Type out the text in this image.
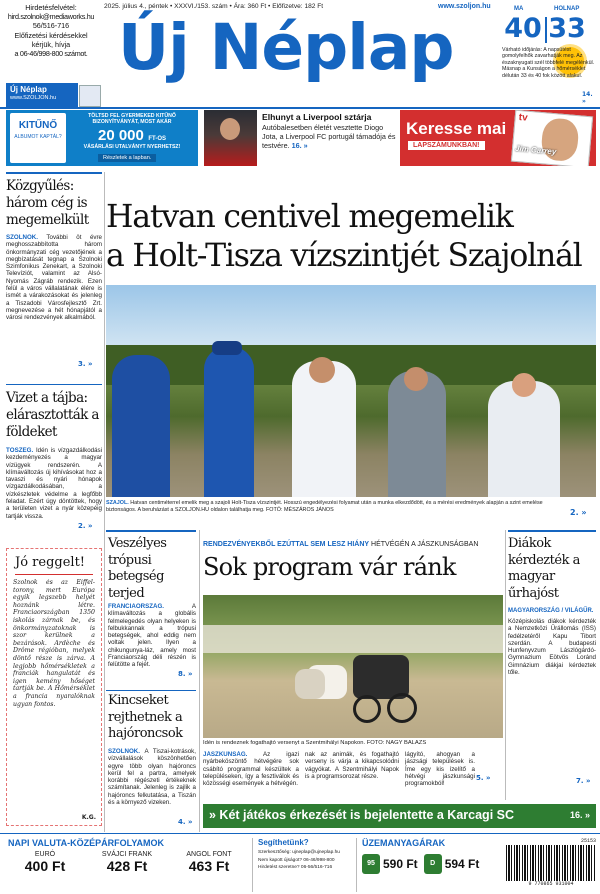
Hirdetésfelvétel:
hird.szolnok@mediaworks.hu
56/516-716
Előfizetési kérdésekkel kérjük, hívja
a 06-46/998-800 számot.
Új Néplap
www.SZOLJON.hu
2025. július 4., péntek • XXXVI./153. szám • Ára: 360 Ft • Előfizetve: 182 Ft	www.szoljon.hu
Új Néplap
MA	HOLNAP
40 33
Várható időjárás: A napsütést gomolyfelhők zavarhatják meg. Az északnyugati szél többfelé megélénkül. Másnap a Kunságon a hőmérséklet délután 33 és 40 fok között alakul.
14. »
KITŰNŐ
ALBUMOT KAPTÁL?
TÖLTSD FEL GYERMEKED KITŰNŐ BIZONYÍTVÁNYÁT, MOST AKÁR
20 000 FT-OS
VÁSÁRLÁSI UTALVÁNYT NYERHETSZ!
Részletek a lapban.
Elhunyt a Liverpool sztárja
Autóbalesetben életét vesztette Diogo Jota, a Liverpool FC portugál támadója és testvére. 16. »
Keresse mai
LAPSZÁMUNKBAN!
tv
Jim Carrey
Közgyűlés: három cég is megemelkült
SZOLNOK. További öt évre meghosszabbította három önkormányzati cég vezetőjének a megbízatását tegnap a Szolnoki Szimfonikus Zenekart, a Szolnoki Televíziót, valamint az Alsó-Nyomás Zágráb rendezik. Ezen felül a város vállalatának élére is ismét a várakozásokat és jelenleg a Tiszadobi Városfejlesztő Zrt. megnevezése a hét hónapjától a városi rendezvények alkalmából.
3. »
Vizet a tájba: elárasztották a földeket
TÓSZEG. Idén is vízgazdálkodási kezdeményezés a magyar vízügyek rendszerén. A klímaváltozás új kihívásokat hoz a tavaszi és nyári hónapok vízgazdálkodásában, a vízkészletek védelme a legfőbb feladat. Ezért úgy döntöttek, hogy a területen vizet a nyár közepéig tartják vissza.
2. »
Jó reggelt!
Szolnok és az Eiffel-torony, mert Európa egyik legszebb helyét hoznánk létre. Franciaországban 1350 iskolás zárnak be, és önkormányzatoknak is szor kerülnek a bezárások. Ardèche és Drôme régióban, melyek döntő része is zárva. A legjobb hőmérsékletek a franciák hangulatát és igen kemény hőséget tartják be. A Hőmérséklet a francia nyaralóknak ugyan fontos.
K.G.
Hatvan centivel megemelik
a Holt-Tisza vízszintjét Szajolnál
SZAJOL. Hatvan centiméterrel emelik meg a szajoli Holt-Tisza vízszintjét. Hosszú engedélyezési folyamat után a munka elkezdődött, és a mérési eredmények alapján a szint emelése biztonságos. A beruházást a SZOLJON.HU oldalon találhatja meg. FOTÓ: MÉSZÁROS JÁNOS	2. »
Veszélyes trópusi betegség terjed
FRANCIAORSZÁG.	A klímaváltozás a globális felmelegedés olyan helyeken is felbukkannak a trópusi betegségek, ahol eddig nem voltak jelen. Ilyen a chikungunya-láz, amely most Franciaország déli részén is felütötte a fejét.
8. »
Kincseket rejthetnek a hajóroncsok
SZOLNOK. A Tiszai-kotrások, vízvállalások köszönhetően egyre több olyan hajóroncs kerül fel a partra, amelyek korábbi régészeti értékeknek számítanak. Jelenleg is zajlik a hajóroncs felkutatása, a Tiszán és a környező vizeken.
4. »
RENDEZVÉNYEKBŐL EZÚTTAL SEM LESZ HIÁNY HÉTVÉGÉN A JÁSZKUNSÁGBAN
Sok program vár ránk
Idén is rendeznek fogathajtó versenyt a Szentmihályi Napokon. FOTÓ: NAGY BALÁZS
JÁSZKUNSÁG.	Az igazi nyárbeköszöntő hétvégére sok csábító programmal készültek a településeken, így a fesztiválok és közösségi események a hétvégén.
nak az animák, és fogathajtó verseny is várja a kikapcsolódni vágyókat. A Szentmihályi Napok is a programsorozat része.
lágyító, ahogyan a jászsági települések is. Íme egy kis ízelítő a hétvégi jászkunsági programokból!
5. »
Diákok kérdezték a magyar űrhajóst
MAGYARORSZÁG / VILÁGŰR.
Középiskolás diákok kérdezték a Nemzetközi Űrállomás (ISS) fedélzetéről Kapu Tibort szerdán. A budapesti Hunfenyvzum Lászlógárdó-Gymnazium Eötvös Loránd Gimnázium diákjai kérdeztek tőle.
7. »
» Két játékos érkezését is bejelentette a Karcagi SC	16. »
NAPI VALUTA-KÖZÉPÁRFOLYAMOK
EURÓ
400 Ft
SVÁJCI FRANK
428 Ft
ANGOL FONT
463 Ft
Segíthetünk?
Szerkesztőség: ujneplap@ujneplap.hu
Nem kapott újságot? 06-46/998-800
Hirdetést szeretne? 06-56/516-716
ÜZEMANYAGÁRAK
95 590 Ft	D 594 Ft
25153
9 770865 931004
